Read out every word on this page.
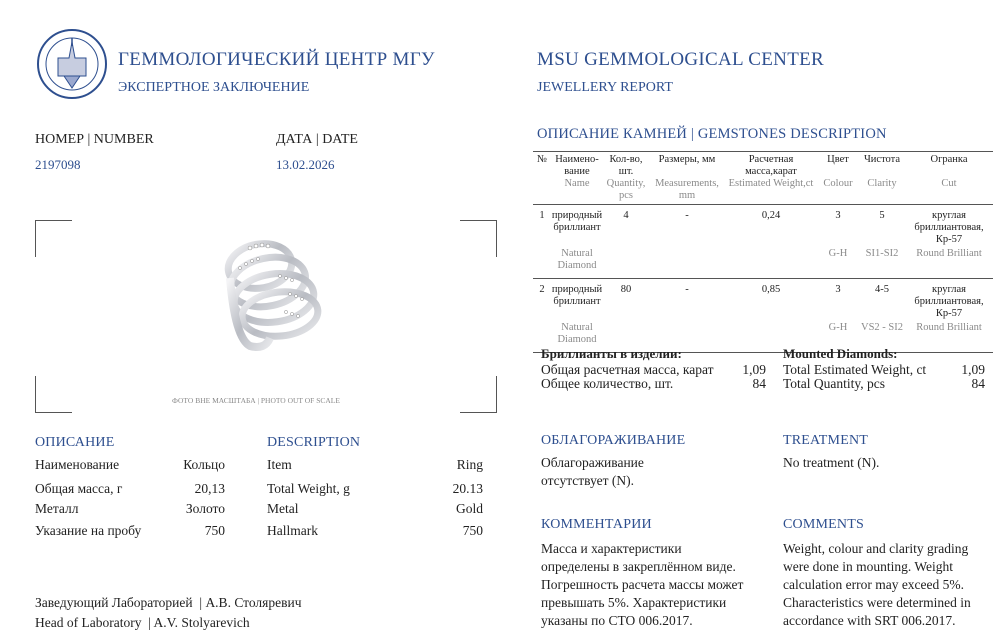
ГЕММОЛОГИЧЕСКИЙ ЦЕНТР МГУ
ЭКСПЕРТНОЕ ЗАКЛЮЧЕНИЕ
MSU GEMMOLOGICAL CENTER
JEWELLERY REPORT
НОМЕР | NUMBER
2197098
ДАТА | DATE
13.02.2026
ФОТО ВНЕ МАСШТАБА | PHOTO OUT OF SCALE
ОПИСАНИЕ
Наименование	Кольцо
Общая масса, г	20,13
Металл	Золото
Указание на пробу	750
DESCRIPTION
Item	Ring
Total Weight, g	20.13
Metal	Gold
Hallmark	750
Заведующий Лабораторией  | А.В. Столяревич
Head of Laboratory  | A.V. Stolyarevich
ОПИСАНИЕ КАМНЕЙ | GEMSTONES DESCRIPTION
№	Наимено-вание	Кол-во, шт.	Размеры, мм	Расчетная масса,карат	Цвет	Чистота	Огранка
	Name	Quantity, pcs	Measurements, mm	Estimated Weight,ct	Colour	Clarity	Cut
1	природный бриллиант	4	-	0,24	3	5	круглая бриллиантовая, Кр-57
	Natural Diamond				G-H	SI1-SI2	Round Brilliant
2	природный бриллиант	80	-	0,85	3	4-5	круглая бриллиантовая, Кр-57
	Natural Diamond				G-H	VS2 - SI2	Round Brilliant
Бриллианты в изделии:
Общая расчетная масса, карат 1,09
Общее количество, шт.	84
Mounted Diamonds:
Total Estimated Weight, ct	1,09
Total Quantity, pcs	84
ОБЛАГОРАЖИВАНИЕ
Облагораживание отсутствует (N).
TREATMENT
No treatment (N).
КОММЕНТАРИИ
Масса и характеристики определены в закреплённом виде. Погрешность расчета массы может превышать 5%. Характеристики указаны по СТО 006.2017.
COMMENTS
Weight, colour and clarity grading were done in mounting. Weight calculation error may exceed 5%. Characteristics were determined in accordance with SRT 006.2017.
